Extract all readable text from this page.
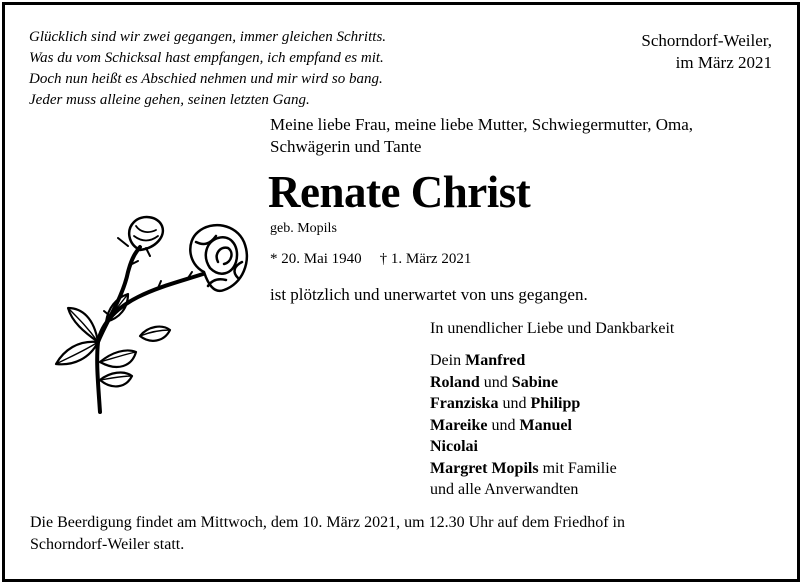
Glücklich sind wir zwei gegangen, immer gleichen Schritts.
Was du vom Schicksal hast empfangen, ich empfand es mit.
Doch nun heißt es Abschied nehmen und mir wird so bang.
Jeder muss alleine gehen, seinen letzten Gang.
Schorndorf-Weiler,
im März 2021
Meine liebe Frau, meine liebe Mutter, Schwiegermutter, Oma,
Schwägerin und Tante
Renate Christ
geb. Mopils
* 20. Mai 1940 † 1. März 2021
ist plötzlich und unerwartet von uns gegangen.
In unendlicher Liebe und Dankbarkeit
Dein Manfred
Roland und Sabine
Franziska und Philipp
Mareike und Manuel
Nicolai
Margret Mopils mit Familie
und alle Anverwandten
Die Beerdigung findet am Mittwoch, dem 10. März 2021, um 12.30 Uhr auf dem Friedhof in
Schorndorf-Weiler statt.
